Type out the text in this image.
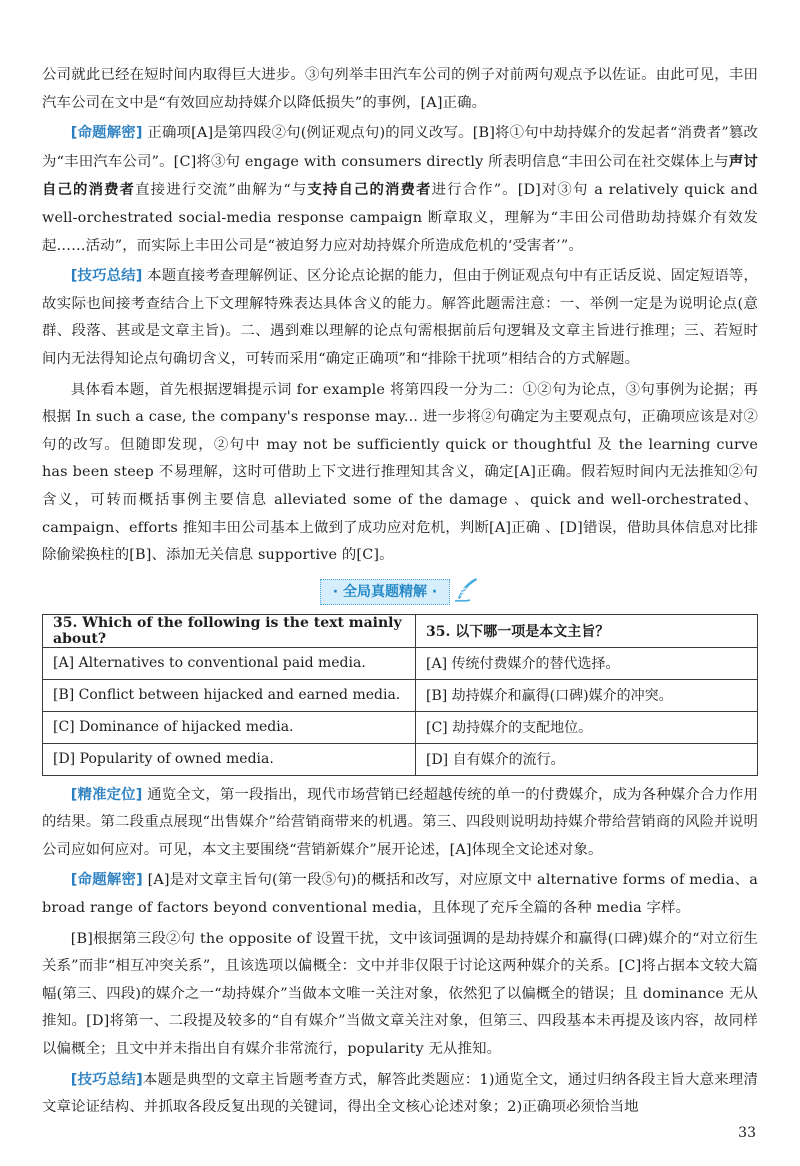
公司就此已经在短时间内取得巨大进步。③句列举丰田汽车公司的例子对前两句观点予以佐证。由此可见，丰田汽车公司在文中是“有效回应劫持媒介以降低损失”的事例，[A]正确。

[命题解密] 正确项[A]是第四段②句(例证观点句)的同义改写。[B]将①句中劫持媒介的发起者“消费者”篡改为“丰田汽车公司”。[C]将③句 engage with consumers directly 所表明信息“丰田公司在社交媒体上与声讨自己的消费者直接进行交流”曲解为“与支持自己的消费者进行合作”。[D]对③句 a relatively quick and well-orchestrated social-media response campaign 断章取义，理解为“丰田公司借助劫持媒介有效发起……活动”，而实际上丰田公司是“被迫努力应对劫持媒介所造成危机的‘受害者’”。

[技巧总结] 本题直接考查理解例证、区分论点论据的能力，但由于例证观点句中有正话反说、固定短语等，故实际也间接考查结合上下文理解特殊表达具体含义的能力。解答此题需注意：一、举例一定是为说明论点(意群、段落、甚或是文章主旨)。二、遇到难以理解的论点句需根据前后句逻辑及文章主旨进行推理；三、若短时间内无法得知论点句确切含义，可转而采用“确定正确项”和“排除干扰项”相结合的方式解题。

具体看本题，首先根据逻辑提示词 for example 将第四段一分为二：①②句为论点，③句事例为论据；再根据 In such a case, the company's response may... 进一步将②句确定为主要观点句，正确项应该是对②句的改写。但随即发现，②句中 may not be sufficiently quick or thoughtful 及 the learning curve has been steep 不易理解，这时可借助上下文进行推理知其含义，确定[A]正确。假若短时间内无法推知②句含义，可转而概括事例主要信息 alleviated some of the damage 、quick and well-orchestrated、campaign、efforts 推知丰田公司基本上做到了成功应对危机，判断[A]正确 、[D]错误，借助具体信息对比排除偷梁换柱的[B]、添加无关信息 supportive 的[C]。

· 全局真题精解 ·
35. Which of the following is the text mainly about?	35. 以下哪一项是本文主旨？
[A] Alternatives to conventional paid media.	[A] 传统付费媒介的替代选择。
[B] Conflict between hijacked and earned media.	[B] 劫持媒介和赢得(口碑)媒介的冲突。
[C] Dominance of hijacked media.	[C] 劫持媒介的支配地位。
[D] Popularity of owned media.	[D] 自有媒介的流行。

[精准定位] 通览全文，第一段指出，现代市场营销已经超越传统的单一的付费媒介，成为各种媒介合力作用的结果。第二段重点展现“出售媒介”给营销商带来的机遇。第三、四段则说明劫持媒介带给营销商的风险并说明公司应如何应对。可见，本文主要围绕“营销新媒介”展开论述，[A]体现全文论述对象。

[命题解密] [A]是对文章主旨句(第一段⑤句)的概括和改写，对应原文中 alternative forms of media、a broad range of factors beyond conventional media，且体现了充斥全篇的各种 media 字样。

[B]根据第三段②句 the opposite of 设置干扰，文中该词强调的是劫持媒介和赢得(口碑)媒介的“对立衍生关系”而非“相互冲突关系”，且该选项以偏概全：文中并非仅限于讨论这两种媒介的关系。[C]将占据本文较大篇幅(第三、四段)的媒介之一“劫持媒介”当做本文唯一关注对象，依然犯了以偏概全的错误；且 dominance 无从推知。[D]将第一、二段提及较多的“自有媒介”当做文章关注对象，但第三、四段基本未再提及该内容，故同样以偏概全；且文中并未指出自有媒介非常流行，popularity 无从推知。

[技巧总结]本题是典型的文章主旨题考查方式，解答此类题应：1)通览全文，通过归纳各段主旨大意来理清文章论证结构、并抓取各段反复出现的关键词，得出全文核心论述对象；2)正确项必须恰当地

33
